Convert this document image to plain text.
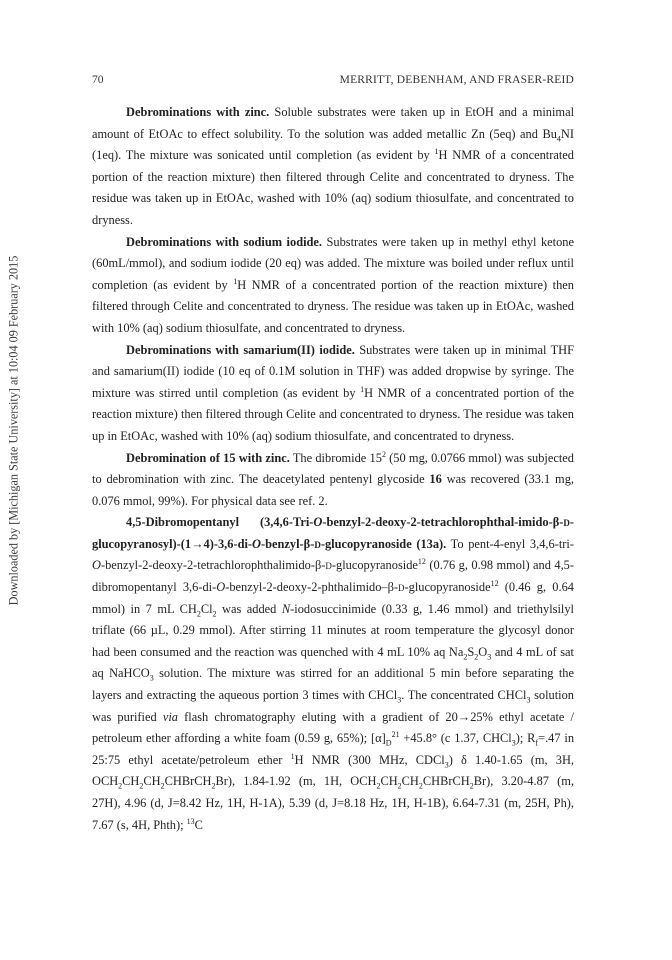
Downloaded by [Michigan State University] at 10:04 09 February 2015
70	MERRITT, DEBENHAM, AND FRASER-REID

Debrominations with zinc. Soluble substrates were taken up in EtOH and a minimal amount of EtOAc to effect solubility. To the solution was added metallic Zn (5eq) and $Bu_4NI$ (1eq). The mixture was sonicated until completion (as evident by $^1$H NMR of a concentrated portion of the reaction mixture) then filtered through Celite and concentrated to dryness. The residue was taken up in EtOAc, washed with 10% (aq) sodium thiosulfate, and concentrated to dryness.

Debrominations with sodium iodide. Substrates were taken up in methyl ethyl ketone (60mL/mmol), and sodium iodide (20 eq) was added. The mixture was boiled under reflux until completion (as evident by $^1$H NMR of a concentrated portion of the reaction mixture) then filtered through Celite and concentrated to dryness. The residue was taken up in EtOAc, washed with 10% (aq) sodium thiosulfate, and concentrated to dryness.

Debrominations with samarium(II) iodide. Substrates were taken up in minimal THF and samarium(II) iodide (10 eq of 0.1M solution in THF) was added dropwise by syringe. The mixture was stirred until completion (as evident by $^1$H NMR of a concentrated portion of the reaction mixture) then filtered through Celite and concentrated to dryness. The residue was taken up in EtOAc, washed with 10% (aq) sodium thiosulfate, and concentrated to dryness.

Debromination of 15 with zinc. The dibromide $15^2$ (50 mg, 0.0766 mmol) was subjected to debromination with zinc. The deacetylated pentenyl glycoside 16 was recovered (33.1 mg, 0.076 mmol, 99%). For physical data see ref. 2.

4,5-Dibromopentanyl (3,4,6-Tri-O-benzyl-2-deoxy-2-tetrachlorophthal-imido-β-d-glucopyranosyl)-(1→4)-3,6-di-O-benzyl-β-d-glucopyranoside (13a). To pent-4-enyl 3,4,6-tri-O-benzyl-2-deoxy-2-tetrachlorophthalimido-β-d-glucopyranoside$^{12}$ (0.76 g, 0.98 mmol) and 4,5-dibromopentanyl 3,6-di-O-benzyl-2-deoxy-2-phthalimido–β-d-glucopyranoside$^{12}$ (0.46 g, 0.64 mmol) in 7 mL $CH_2Cl_2$ was added N-iodosuccinimide (0.33 g, 1.46 mmol) and triethylsilyl triflate (66 µL, 0.29 mmol). After stirring 11 minutes at room temperature the glycosyl donor had been consumed and the reaction was quenched with 4 mL 10% aq $Na_2S_2O_3$ and 4 mL of sat aq NaHCO$_3$ solution. The mixture was stirred for an additional 5 min before separating the layers and extracting the aqueous portion 3 times with CHCl$_3$. The concentrated CHCl$_3$ solution was purified via flash chromatography eluting with a gradient of 20→25% ethyl acetate / petroleum ether affording a white foam (0.59 g, 65%); $[\alpha]_D^{21} +45.8^\circ$ (c 1.37, CHCl$_3$); $R_f=.47$ in 25:75 ethyl acetate/petroleum ether $^1$H NMR (300 MHz, CDCl$_3$) δ 1.40-1.65 (m, 3H, $OCH_2CH_2CH_2CHBrCH_2Br$), 1.84-1.92 (m, 1H, $OCH_2CH_2CH_2CHBrCH_2Br$), 3.20-4.87 (m, 27H), 4.96 (d, J=8.42 Hz, 1H, H-1A), 5.39 (d, J=8.18 Hz, 1H, H-1B), 6.64-7.31 (m, 25H, Ph), 7.67 (s, 4H, Phth); $^{13}$C
